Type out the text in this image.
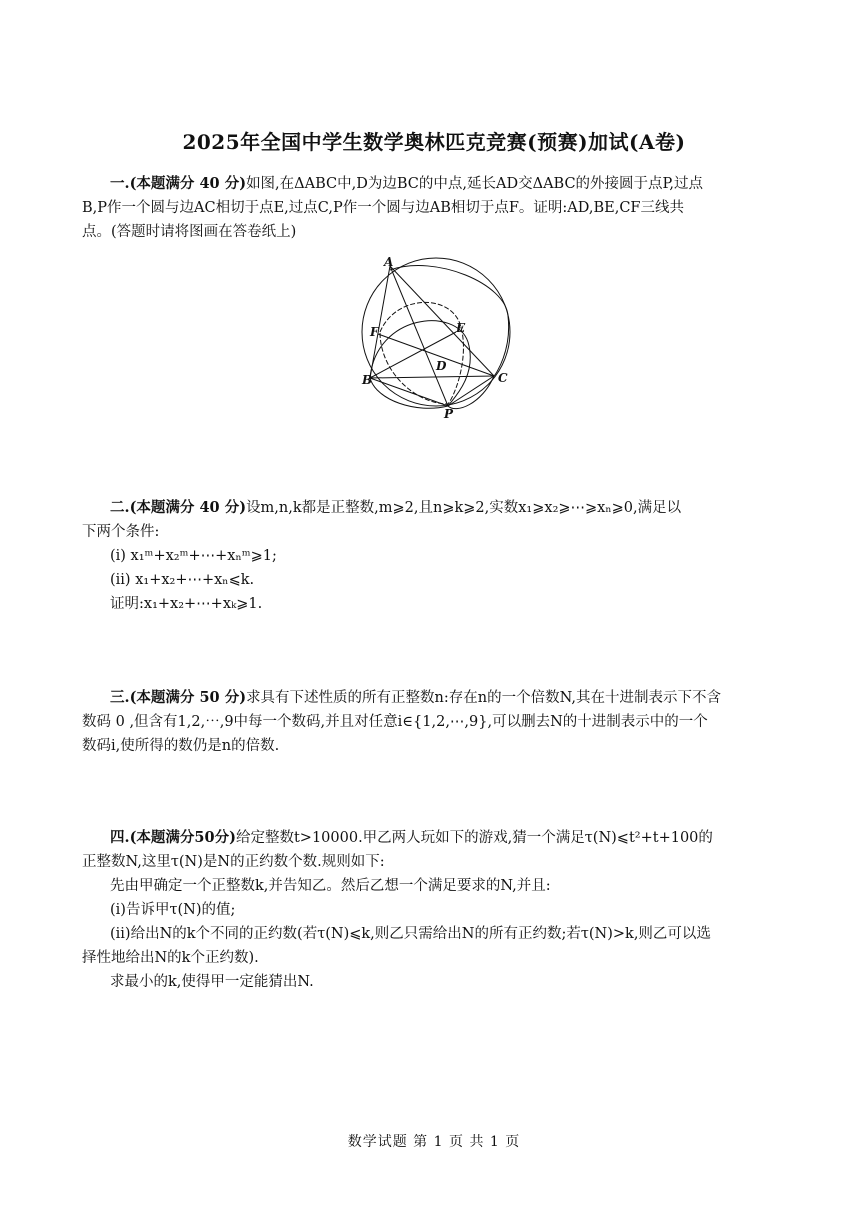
2025年全国中学生数学奥林匹克竞赛(预赛)加试(A卷)
一.(本题满分 40 分)如图,在ΔABC中,D为边BC的中点,延长AD交ΔABC的外接圆于点P,过点
B,P作一个圆与边AC相切于点E,过点C,P作一个圆与边AB相切于点F。证明:AD,BE,CF三线共
点。(答题时请将图画在答卷纸上)
A
B	C
D
E
F
P
二.(本题满分 40 分)设m,n,k都是正整数,m⩾2,且n⩾k⩾2,实数x₁⩾x₂⩾⋯⩾xₙ⩾0,满足以
下两个条件:
(i) x₁ᵐ+x₂ᵐ+⋯+xₙᵐ⩾1;
(ii) x₁+x₂+⋯+xₙ⩽k.
证明:x₁+x₂+⋯+xₖ⩾1.
三.(本题满分 50 分)求具有下述性质的所有正整数n:存在n的一个倍数N,其在十进制表示下不含
数码 0 ,但含有1,2,⋯,9中每一个数码,并且对任意i∈{1,2,⋯,9},可以删去N的十进制表示中的一个
数码i,使所得的数仍是n的倍数.
四.(本题满分50分)给定整数t>10000.甲乙两人玩如下的游戏,猜一个满足τ(N)⩽t²+t+100的
正整数N,这里τ(N)是N的正约数个数.规则如下:
先由甲确定一个正整数k,并告知乙。然后乙想一个满足要求的N,并且:
(i)告诉甲τ(N)的值;
(ii)给出N的k个不同的正约数(若τ(N)⩽k,则乙只需给出N的所有正约数;若τ(N)>k,则乙可以选
择性地给出N的k个正约数).
求最小的k,使得甲一定能猜出N.
数学试题 第 1 页 共 1 页
